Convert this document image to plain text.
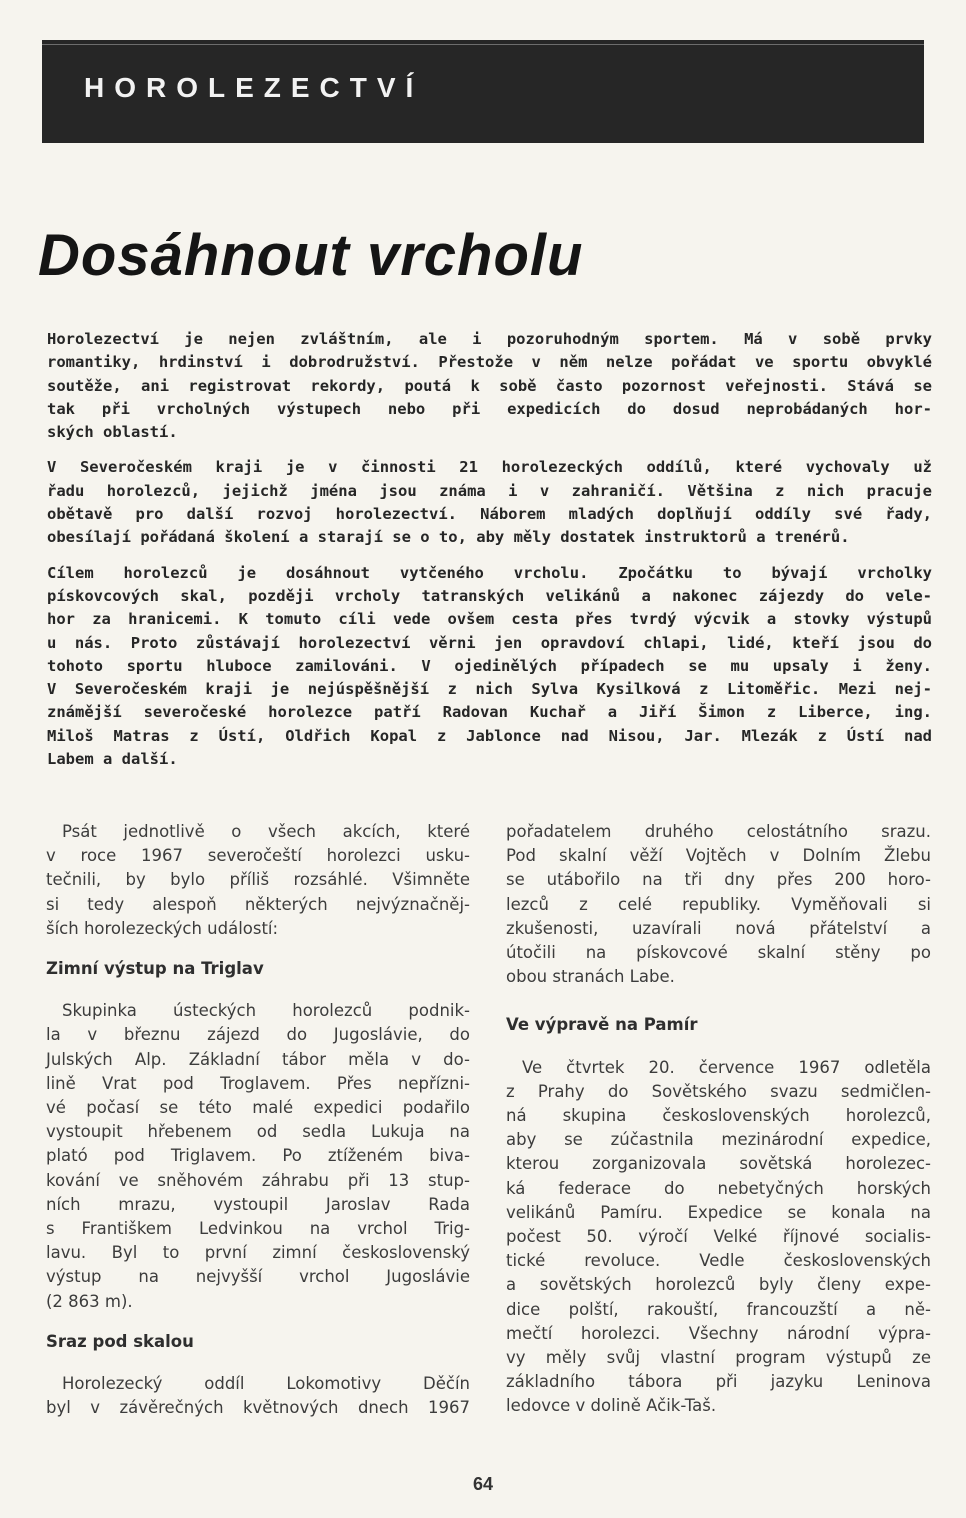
HOROLEZECTVÍ
Dosáhnout vrcholu

Horolezectví je nejen zvláštním, ale i pozoruhodným sportem. Má v sobě prvky
romantiky, hrdinství i dobrodružství. Přestože v něm nelze pořádat ve sportu obvyklé
soutěže, ani registrovat rekordy, poutá k sobě často pozornost veřejnosti. Stává se
tak při vrcholných výstupech nebo při expedicích do dosud neprobádaných hor-
ských oblastí.

V Severočeském kraji je v činnosti 21 horolezeckých oddílů, které vychovaly už
řadu horolezců, jejichž jména jsou známa i v zahraničí. Většina z nich pracuje
obětavě pro další rozvoj horolezectví. Náborem mladých doplňují oddíly své řady,
obesílají pořádaná školení a starají se o to, aby měly dostatek instruktorů a trenérů.

Cílem horolezců je dosáhnout vytčeného vrcholu. Zpočátku to bývají vrcholky
pískovcových skal, později vrcholy tatranských velikánů a nakonec zájezdy do vele-
hor za hranicemi. K tomuto cíli vede ovšem cesta přes tvrdý výcvik a stovky výstupů
u nás. Proto zůstávají horolezectví věrni jen opravdoví chlapi, lidé, kteří jsou do
tohoto sportu hluboce zamilováni. V ojedinělých případech se mu upsaly i ženy.
V Severočeském kraji je nejúspěšnější z nich Sylva Kysilková z Litoměřic. Mezi nej-
známější severočeské horolezce patří Radovan Kuchař a Jiří Šimon z Liberce, ing.
Miloš Matras z Ústí, Oldřich Kopal z Jablonce nad Nisou, Jar. Mlezák z Ústí nad
Labem a další.

Psát jednotlivě o všech akcích, které
v roce 1967 severočeští horolezci usku-
tečnili, by bylo příliš rozsáhlé. Všimněte
si tedy alespoň některých nejvýznačněj-
ších horolezeckých událostí:
Zimní výstup na Triglav
Skupinka ústeckých horolezců podnik-
la v březnu zájezd do Jugoslávie, do
Julských Alp. Základní tábor měla v do-
lině Vrat pod Troglavem. Přes nepřízni-
vé počasí se této malé expedici podařilo
vystoupit hřebenem od sedla Lukuja na
plató pod Triglavem. Po ztíženém biva-
kování ve sněhovém záhrabu při 13 stup-
ních mrazu, vystoupil Jaroslav Rada
s Františkem Ledvinkou na vrchol Trig-
lavu. Byl to první zimní československý
výstup na nejvyšší vrchol Jugoslávie
(2 863 m).
Sraz pod skalou
Horolezecký oddíl Lokomotivy Děčín
byl v závěrečných květnových dnech 1967
pořadatelem druhého celostátního srazu.
Pod skalní věží Vojtěch v Dolním Žlebu
se utábořilo na tři dny přes 200 horo-
lezců z celé republiky. Vyměňovali si
zkušenosti, uzavírali nová přátelství a
útočili na pískovcové skalní stěny po
obou stranách Labe.
Ve výpravě na Pamír
Ve čtvrtek 20. července 1967 odletěla
z Prahy do Sovětského svazu sedmičlen-
ná skupina československých horolezců,
aby se zúčastnila mezinárodní expedice,
kterou zorganizovala sovětská horolezec-
ká federace do nebetyčných horských
velikánů Pamíru. Expedice se konala na
počest 50. výročí Velké říjnové socialis-
tické revoluce. Vedle československých
a sovětských horolezců byly členy expe-
dice polští, rakouští, francouzští a ně-
mečtí horolezci. Všechny národní výpra-
vy měly svůj vlastní program výstupů ze
základního tábora při jazyku Leninova
ledovce v dolině Ačik-Taš.
64
